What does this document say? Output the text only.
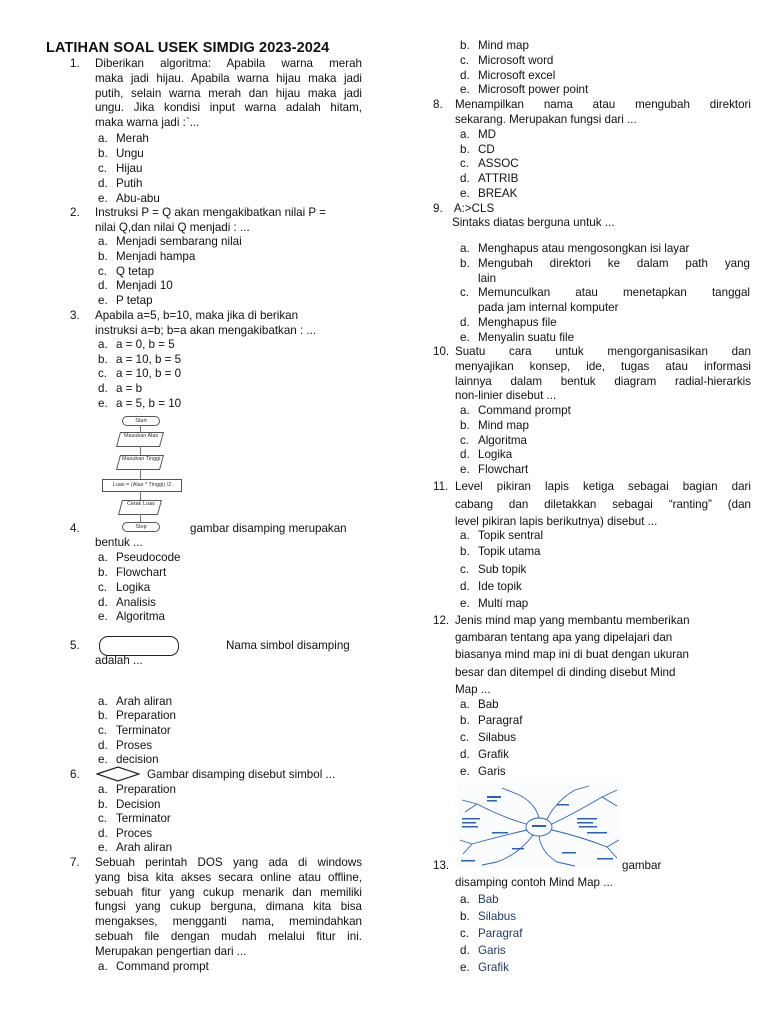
LATIHAN SOAL USEK SIMDIG 2023-2024
1. Diberikan algoritma: Apabila warna merah
maka jadi hijau. Apabila warna hijau maka jadi
putih, selain warna merah dan hijau maka jadi
ungu. Jika kondisi input warna adalah hitam,
maka warna jadi :`...
a. Merah
b. Ungu
c. Hijau
d. Putih
e. Abu-abu
2. Instruksi P = Q akan mengakibatkan nilai P =
nilai Q,dan nilai Q menjadi : ...
a. Menjadi sembarang nilai
b. Menjadi hampa
c. Q tetap
d. Menjadi 10
e. P tetap
3. Apabila a=5, b=10, maka jika di berikan
instruksi a=b; b=a akan mengakibatkan : ...
a. a = 0, b = 5
b. a = 10, b = 5
c. a = 10, b = 0
d. a = b
e. a = 5, b = 10
Start
Masukan Alas
Masukan Tinggi
Luas = (Alas * Tinggi) /2
Cetak Luas
Stop
4.	gambar disamping merupakan
bentuk ...
a. Pseudocode
b. Flowchart
c. Logika
d. Analisis
e. Algoritma
5.	Nama simbol disamping
adalah ...
a. Arah aliran
b. Preparation
c. Terminator
d. Proses
e. decision
6.	Gambar disamping disebut simbol ...
a. Preparation
b. Decision
c. Terminator
d. Proces
e. Arah aliran
7. Sebuah perintah DOS yang ada di windows
yang bisa kita akses secara online atau offline,
sebuah fitur yang cukup menarik dan memiliki
fungsi yang cukup berguna, dimana kita bisa
mengakses, mengganti nama, memindahkan
sebuah file dengan mudah melalui fitur ini.
Merupakan pengertian dari ...
a. Command prompt
b. Mind map
c. Microsoft word
d. Microsoft excel
e. Microsoft power point
8. Menampilkan nama atau mengubah direktori
sekarang. Merupakan fungsi dari ...
a. MD
b. CD
c. ASSOC
d. ATTRIB
e. BREAK
9. A:>CLS
Sintaks diatas berguna untuk ...
a. Menghapus atau mengosongkan isi layar
b. Mengubah direktori ke dalam path yang
lain
c. Memunculkan atau menetapkan tanggal
pada jam internal komputer
d. Menghapus file
e. Menyalin suatu file
10. Suatu cara untuk mengorganisasikan dan
menyajikan konsep, ide, tugas atau informasi
lainnya dalam bentuk diagram radial-hierarkis
non-linier disebut ...
a. Command prompt
b. Mind map
c. Algoritma
d. Logika
e. Flowchart
11. Level pikiran lapis ketiga sebagai bagian dari
cabang dan diletakkan sebagai “ranting” (dan
level pikiran lapis berikutnya) disebut ...
a. Topik sentral
b. Topik utama
c. Sub topik
d. Ide topik
e. Multi map
12. Jenis mind map yang membantu memberikan
gambaran tentang apa yang dipelajari dan
biasanya mind map ini di buat dengan ukuran
besar dan ditempel di dinding disebut Mind
Map ...
a. Bab
b. Paragraf
c. Silabus
d. Grafik
e. Garis
13.	gambar
disamping contoh Mind Map ...
a. Bab
b. Silabus
c. Paragraf
d. Garis
e. Grafik
